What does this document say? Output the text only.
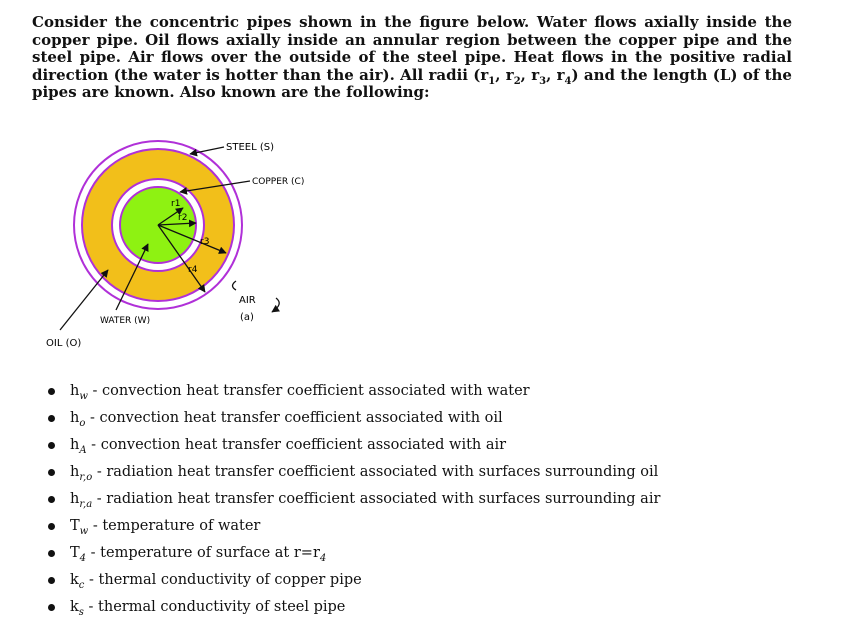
Consider the concentric pipes shown in the figure below. Water flows axially inside the copper pipe. Oil flows axially inside an annular region between the copper pipe and the steel pipe. Air flows over the outside of the steel pipe. Heat flows in the positive radial direction (the water is hotter than the air). All radii ($r_1$, $r_2$, $r_3$, $r_4$) and the length (L) of the pipes are known. Also known are the following:

r1
r2
r3
r4
STEEL (S)
COPPER (C)
AIR
(a)
WATER (W)
OIL (O)
$h_w$ - convection heat transfer coefficient associated with water
$h_o$ - convection heat transfer coefficient associated with oil
$h_A$ - convection heat transfer coefficient associated with air
$h_{r,o}$ - radiation heat transfer coefficient associated with surfaces surrounding oil
$h_{r,a}$ - radiation heat transfer coefficient associated with surfaces surrounding air
$T_w$ - temperature of water
$T_4$ - temperature of surface at $r=r_4$
$k_c$ - thermal conductivity of copper pipe
$k_s$ - thermal conductivity of steel pipe
